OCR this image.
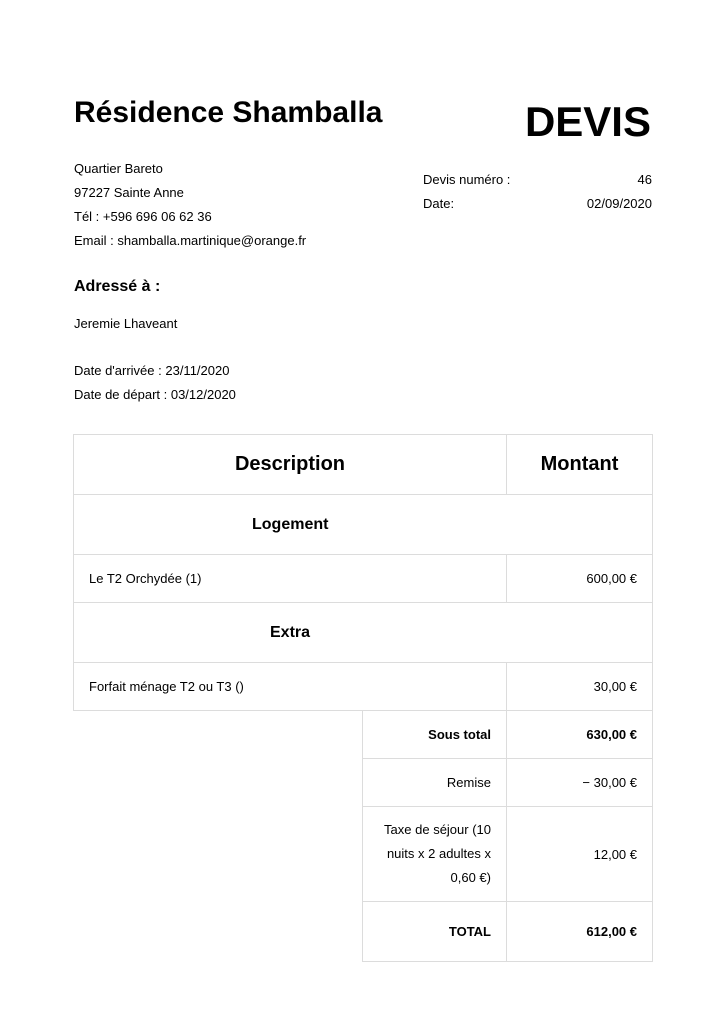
Résidence Shamballa	DEVIS
Quartier Bareto
97227 Sainte Anne
Tél : +596 696 06 62 36
Email : shamballa.martinique@orange.fr
Devis numéro :	46
Date:	02/09/2020
Adressé à :
Jeremie Lhaveant
Date d'arrivée : 23/11/2020
Date de départ : 03/12/2020
Description		Montant
Logement		
Le T2 Orchydée (1)		600,00 €
Extra		
Forfait ménage T2 ou T3 ()		30,00 €
	Sous total	630,00 €
	Remise	− 30,00 €

	Taxe de séjour (10
nuits x 2 adultes x
0,60 €)	12,00 €
	TOTAL	612,00 €
